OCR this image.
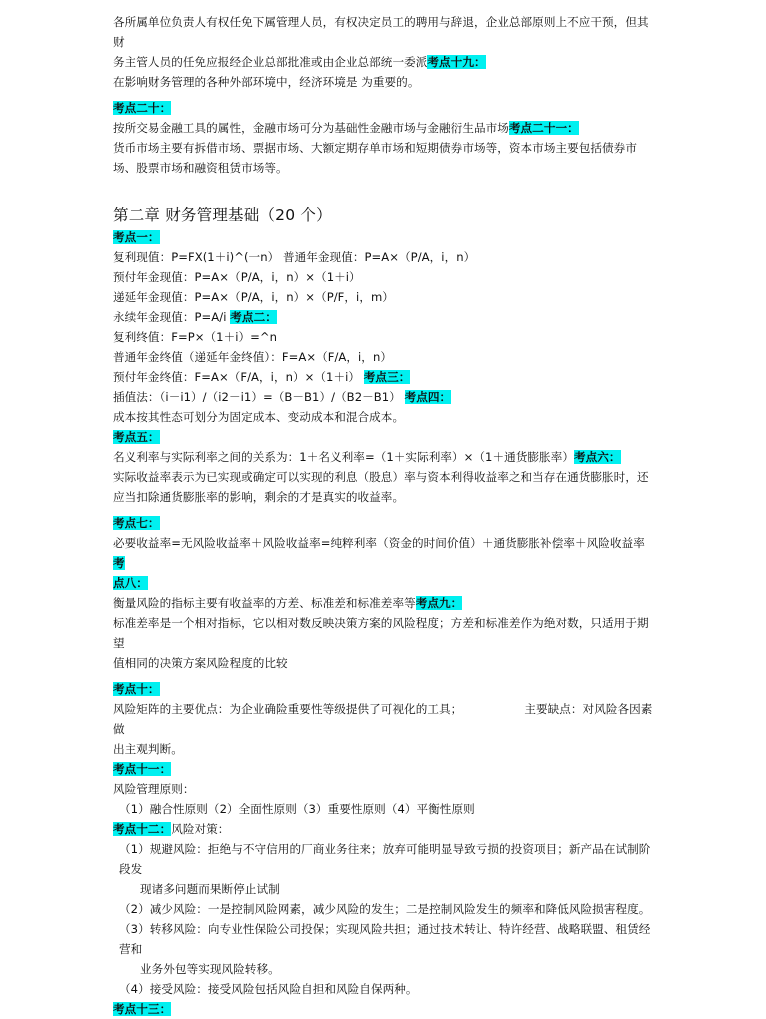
各所属单位负责人有权任免下属管理人员，有权决定员工的聘用与辞退，企业总部原则上不应干预，但其财

务主管人员的任免应报经企业总部批准或由企业总部统一委派考点十九：

在影响财务管理的各种外部环境中，经济环境是 为重要的。

考点二十：

按所交易金融工具的属性，金融市场可分为基础性金融市场与金融衍生品市场考点二十一：

货币市场主要有拆借市场、票据市场、大额定期存单市场和短期债券市场等，资本市场主要包括债券市

场、股票市场和融资租赁市场等。

第二章 财务管理基础（20 个）

考点一：

复利现值：P=FX(1＋i)^(一n） 普通年金现值：P=A×（P/A，i，n）

预付年金现值：P=A×（P/A，i，n）×（1＋i）

递延年金现值：P=A×（P/A，i，n）×（P/F，i，m）

永续年金现值：P=A/i 考点二：

复利终值：F=P×（1＋i）=^n

普通年金终值（递延年金终值）：F=A×（F/A，i，n）

预付年金终值：F=A×（F/A，i，n）×（1＋i） 考点三：

插值法：（i－i1）/（i2－i1）=（B－B1）/（B2－B1） 考点四：

成本按其性态可划分为固定成本、变动成本和混合成本。

考点五：

名义利率与实际利率之间的关系为：1＋名义利率=（1＋实际利率）×（1＋通货膨胀率）考点六：

实际收益率表示为已实现或确定可以实现的利息（股息）率与资本利得收益率之和当存在通货膨胀时，还

应当扣除通货膨胀率的影响，剩余的才是真实的收益率。

考点七：

必要收益率=无风险收益率＋风险收益率=纯粹利率（资金的时间价值）＋通货膨胀补偿率＋风险收益率考

点八：

衡量风险的指标主要有收益率的方差、标准差和标准差率等考点九：

标准差率是一个相对指标，它以相对数反映决策方案的风险程度；方差和标准差作为绝对数，只适用于期望

值相同的决策方案风险程度的比较

考点十：

风险矩阵的主要优点：为企业确险重要性等级提供了可视化的工具；	主要缺点：对风险各因素做

出主观判断。

考点十一：

风险管理原则：

（1）融合性原则（2）全面性原则（3）重要性原则（4）平衡性原则

考点十二：风险对策：

（1）规避风险：拒绝与不守信用的厂商业务往来；放弃可能明显导致亏损的投资项目；新产品在试制阶段发

现诸多问题而果断停止试制

（2）减少风险：一是控制风险网素，减少风险的发生；二是控制风险发生的频率和降低风险损害程度。

（3）转移风险：向专业性保险公司投保；实现风险共担；通过技术转让、特许经营、战略联盟、租赁经营和

业务外包等实现风险转移。

（4）接受风险：接受风险包括风险自担和风险自保两种。

考点十三：
